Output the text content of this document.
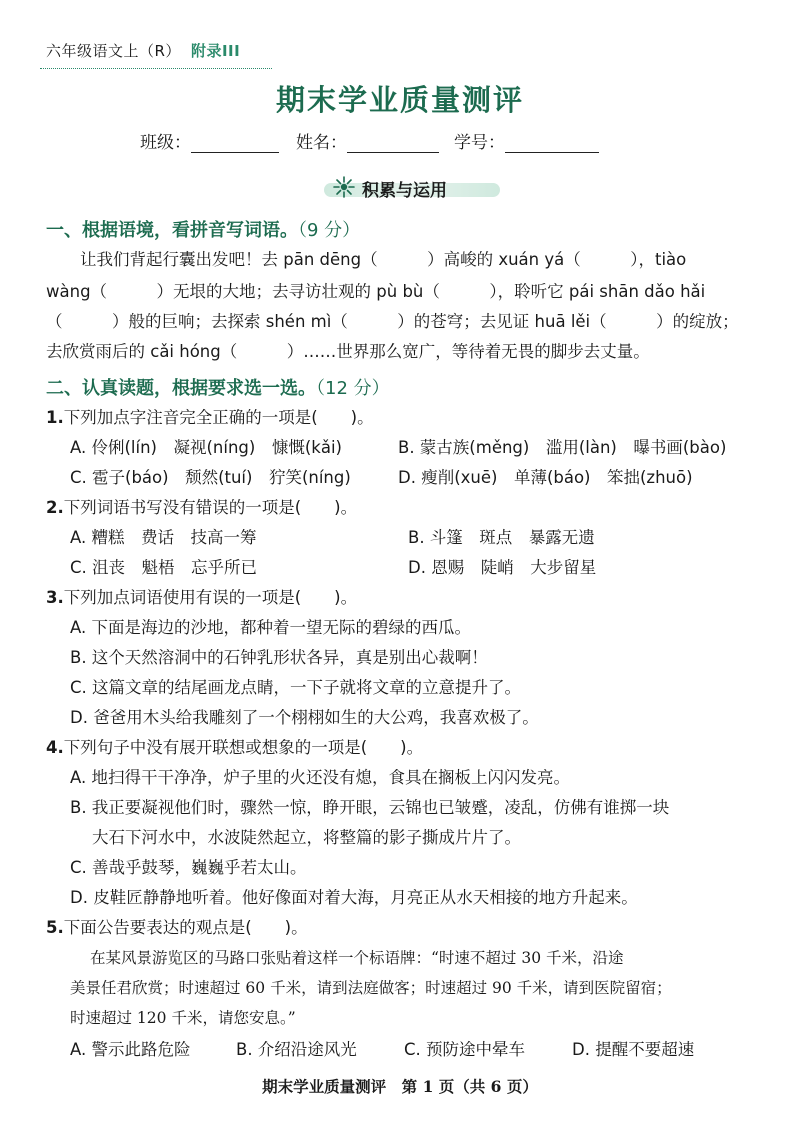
六年级语文上（R） 附录III
期末学业质量测评
班级：	姓名：	学号：
积累与运用
一、根据语境，看拼音写词语。（9 分）
让我们背起行囊出发吧！去 pān dēng（　　　）高峻的 xuán yá（　　　），tiào
wàng（　　　）无垠的大地；去寻访壮观的 pù bù（　　　），聆听它 pái shān dǎo hǎi
（　　　）般的巨响；去探索 shén mì（　　　）的苍穹；去见证 huā lěi（　　　）的绽放；
去欣赏雨后的 cǎi hóng（　　　）……世界那么宽广，等待着无畏的脚步去丈量。
二、认真读题，根据要求选一选。（12 分）
1.下列加点字注音完全正确的一项是(　　)。
A. 伶俐(lín)　凝视(níng)　慷慨(kǎi)	B. 蒙古族(měng)　滥用(làn)　曝书画(bào)
C. 雹子(báo)　颓然(tuí)　狞笑(níng)	D. 瘦削(xuē)　单薄(báo)　笨拙(zhuō)
2.下列词语书写没有错误的一项是(　　)。
A. 糟糕　费话　技高一筹	B. 斗篷　斑点　暴露无遗
C. 沮丧　魁梧　忘乎所已	D. 恩赐　陡峭　大步留星
3.下列加点词语使用有误的一项是(　　)。
A. 下面是海边的沙地，都种着一望无际的碧绿的西瓜。
B. 这个天然溶洞中的石钟乳形状各异，真是别出心裁啊！
C. 这篇文章的结尾画龙点睛，一下子就将文章的立意提升了。
D. 爸爸用木头给我雕刻了一个栩栩如生的大公鸡，我喜欢极了。
4.下列句子中没有展开联想或想象的一项是(　　)。
A. 地扫得干干净净，炉子里的火还没有熄，食具在搁板上闪闪发亮。
B. 我正要凝视他们时，骤然一惊，睁开眼，云锦也已皱蹙，凌乱，仿佛有谁掷一块
大石下河水中，水波陡然起立，将整篇的影子撕成片片了。
C. 善哉乎鼓琴，巍巍乎若太山。
D. 皮鞋匠静静地听着。他好像面对着大海，月亮正从水天相接的地方升起来。
5.下面公告要表达的观点是(　　)。
在某风景游览区的马路口张贴着这样一个标语牌：“时速不超过 30 千米，沿途
美景任君欣赏；时速超过 60 千米，请到法庭做客；时速超过 90 千米，请到医院留宿；
时速超过 120 千米，请您安息。”
A. 警示此路危险	B. 介绍沿途风光	C. 预防途中晕车	D. 提醒不要超速
期末学业质量测评　第 1 页（共 6 页）
